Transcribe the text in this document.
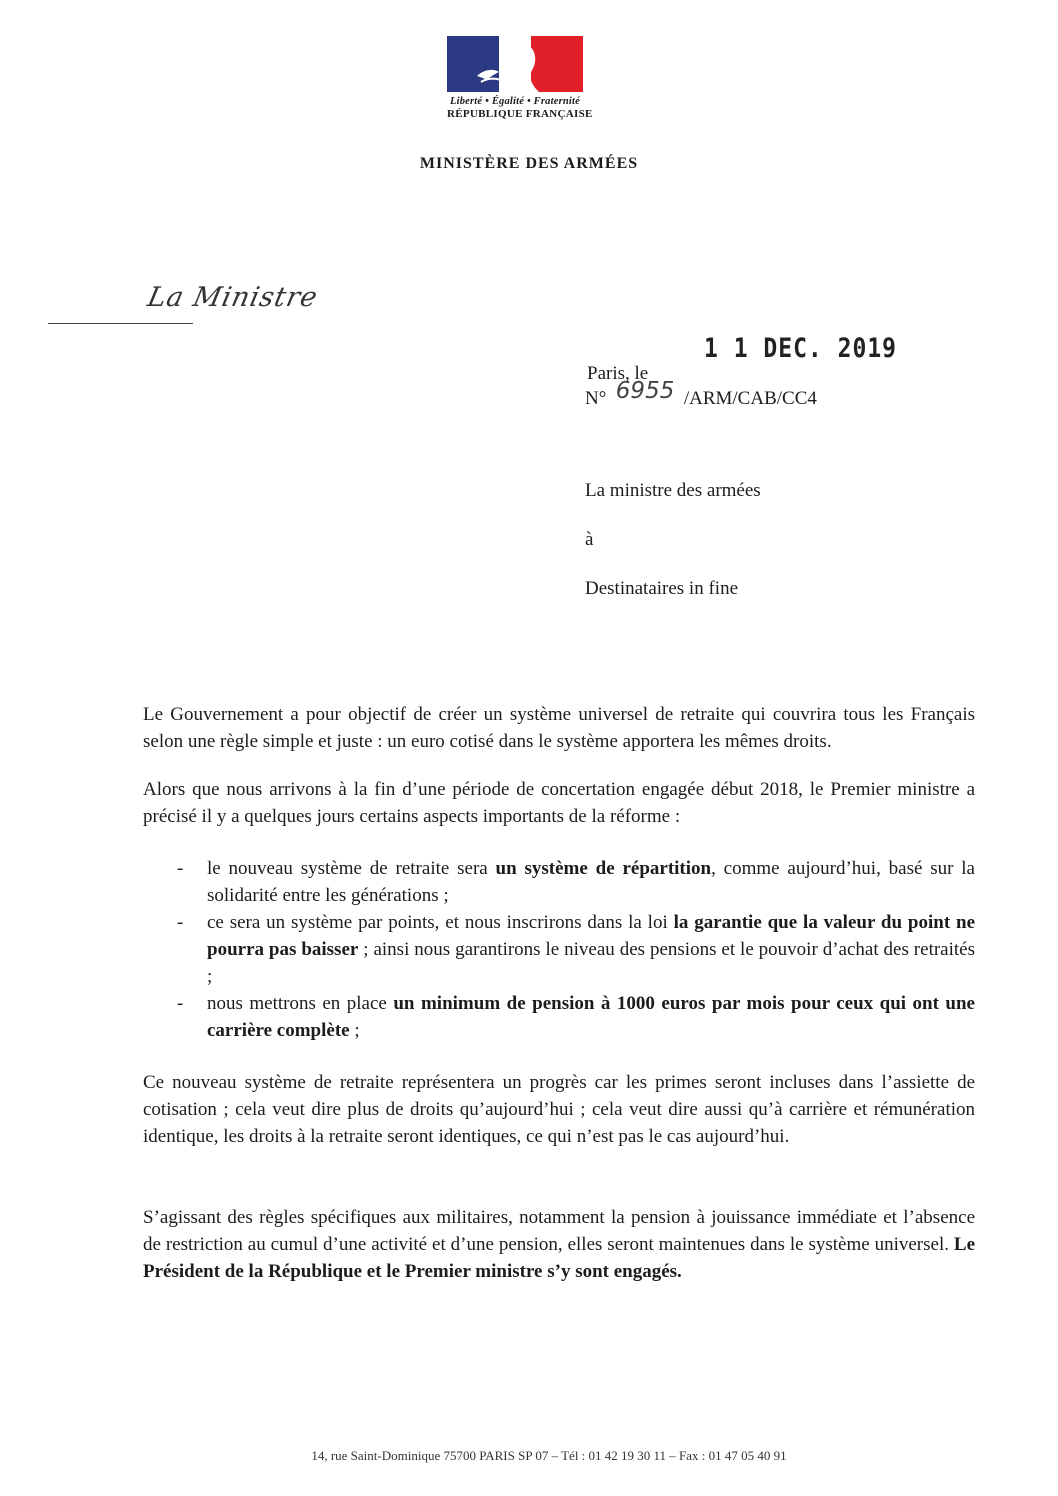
Liberté • Égalité • Fraternité
RÉPUBLIQUE FRANÇAISE
MINISTÈRE DES ARMÉES
La Ministre
1 1 DEC. 2019
Paris, le
N° 6955 /ARM/CAB/CC4
La ministre des armées
à
Destinataires in fine

Le Gouvernement a pour objectif de créer un système universel de retraite qui couvrira tous les Français selon une règle simple et juste : un euro cotisé dans le système apportera les mêmes droits.

Alors que nous arrivons à la fin d’une période de concertation engagée début 2018, le Premier ministre a précisé il y a quelques jours certains aspects importants de la réforme :

-	le nouveau système de retraite sera un système de répartition, comme aujourd’hui, basé sur la solidarité entre les générations ;
-	ce sera un système par points, et nous inscrirons dans la loi la garantie que la valeur du point ne pourra pas baisser ; ainsi nous garantirons le niveau des pensions et le pouvoir d’achat des retraités ;
-	nous mettrons en place un minimum de pension à 1000 euros par mois pour ceux qui ont une carrière complète ;

Ce nouveau système de retraite représentera un progrès car les primes seront incluses dans l’assiette de cotisation ; cela veut dire plus de droits qu’aujourd’hui ; cela veut dire aussi qu’à carrière et rémunération identique, les droits à la retraite seront identiques, ce qui n’est pas le cas aujourd’hui.

S’agissant des règles spécifiques aux militaires, notamment la pension à jouissance immédiate et l’absence de restriction au cumul d’une activité et d’une pension, elles seront maintenues dans le système universel. Le Président de la République et le Premier ministre s’y sont engagés.

14, rue Saint-Dominique 75700 PARIS SP 07 – Tél : 01 42 19 30 11 – Fax : 01 47 05 40 91
